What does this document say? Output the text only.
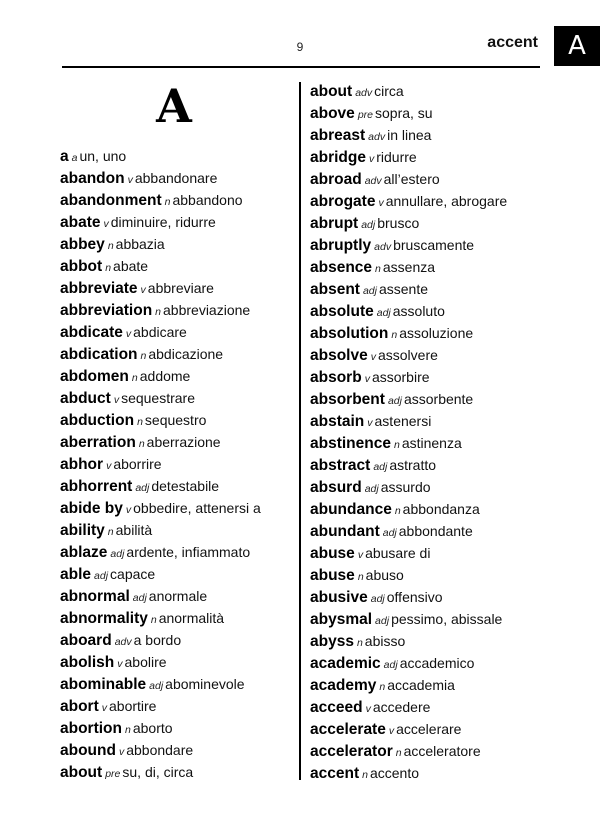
9	accent	A
A
a a un, uno
abandon v abbandonare
abandonment n abbandono
abate v diminuire, ridurre
abbey n abbazia
abbot n abate
abbreviate v abbreviare
abbreviation n abbreviazione
abdicate v abdicare
abdication n abdicazione
abdomen n addome
abduct v sequestrare
abduction n sequestro
aberration n aberrazione
abhor v aborrire
abhorrent adj detestabile
abide by v obbedire, attenersi a
ability n abilità
ablaze adj ardente, infiammato
able adj capace
abnormal adj anormale
abnormality n anormalità
aboard adv a bordo
abolish v abolire
abominable adj abominevole
abort v abortire
abortion n aborto
abound v abbondare
about pre su, di, circa
about adv circa
above pre sopra, su
abreast adv in linea
abridge v ridurre
abroad adv all’estero
abrogate v annullare, abrogare
abrupt adj brusco
abruptly adv bruscamente
absence n assenza
absent adj assente
absolute adj assoluto
absolution n assoluzione
absolve v assolvere
absorb v assorbire
absorbent adj assorbente
abstain v astenersi
abstinence n astinenza
abstract adj astratto
absurd adj assurdo
abundance n abbondanza
abundant adj abbondante
abuse v abusare di
abuse n abuso
abusive adj offensivo
abysmal adj pessimo, abissale
abyss n abisso
academic adj accademico
academy n accademia
acceed v accedere
accelerate v accelerare
accelerator n acceleratore
accent n accento
